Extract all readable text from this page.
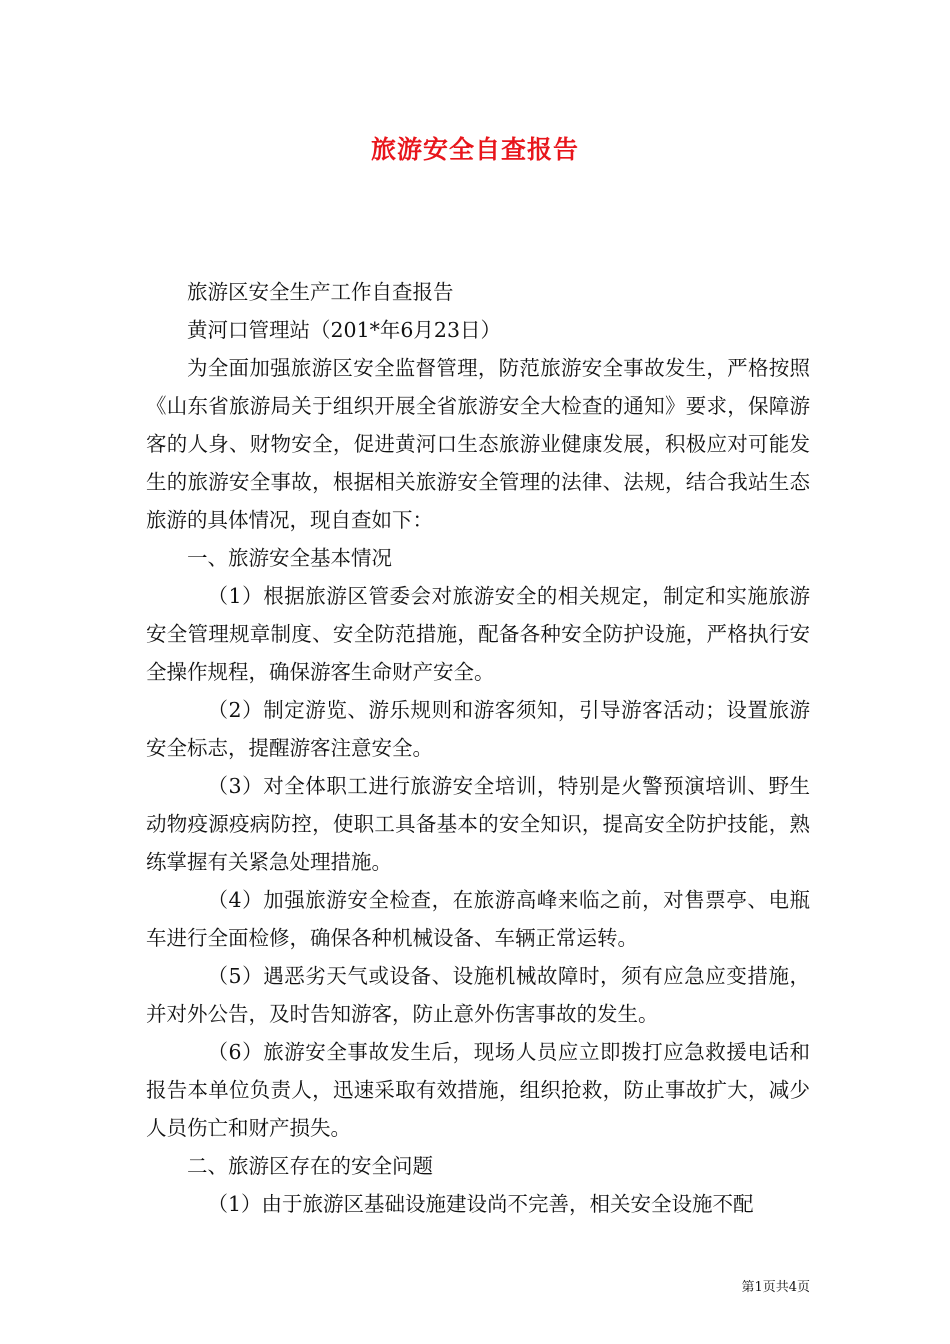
旅游安全自查报告

旅游区安全生产工作自查报告

黄河口管理站（201*年6月23日）

为全面加强旅游区安全监督管理，防范旅游安全事故发生，严格按照《山东省旅游局关于组织开展全省旅游安全大检查的通知》要求，保障游客的人身、财物安全，促进黄河口生态旅游业健康发展，积极应对可能发生的旅游安全事故，根据相关旅游安全管理的法律、法规，结合我站生态旅游的具体情况，现自查如下：

一、旅游安全基本情况

（1）根据旅游区管委会对旅游安全的相关规定，制定和实施旅游安全管理规章制度、安全防范措施，配备各种安全防护设施，严格执行安全操作规程，确保游客生命财产安全。

（2）制定游览、游乐规则和游客须知，引导游客活动；设置旅游安全标志，提醒游客注意安全。

（3）对全体职工进行旅游安全培训，特别是火警预演培训、野生动物疫源疫病防控，使职工具备基本的安全知识，提高安全防护技能，熟练掌握有关紧急处理措施。

（4）加强旅游安全检查，在旅游高峰来临之前，对售票亭、电瓶车进行全面检修，确保各种机械设备、车辆正常运转。

（5）遇恶劣天气或设备、设施机械故障时，须有应急应变措施，并对外公告，及时告知游客，防止意外伤害事故的发生。

（6）旅游安全事故发生后，现场人员应立即拨打应急救援电话和报告本单位负责人，迅速采取有效措施，组织抢救，防止事故扩大，减少人员伤亡和财产损失。

二、旅游区存在的安全问题

（1）由于旅游区基础设施建设尚不完善，相关安全设施不配

第1页共4页
